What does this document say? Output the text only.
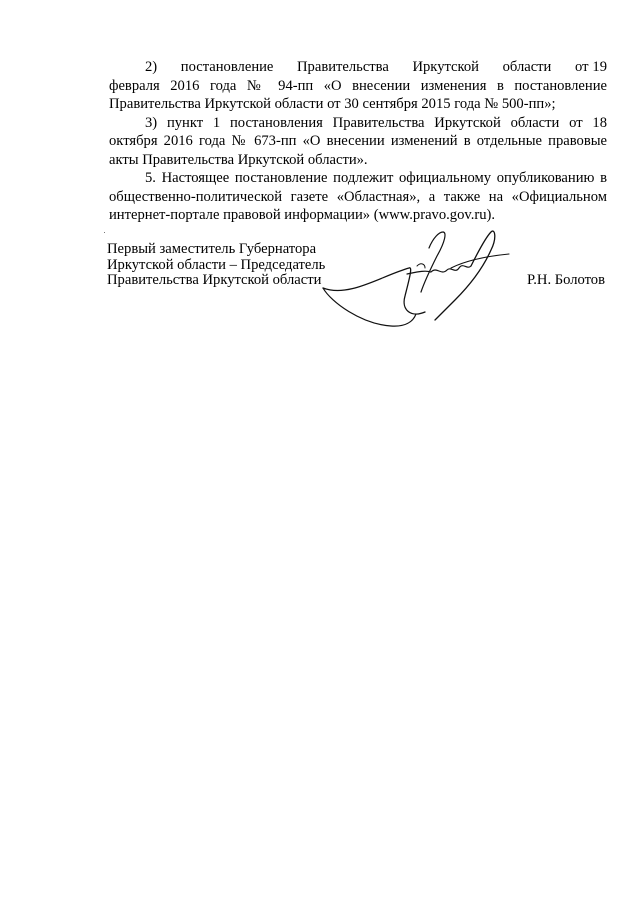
2)      постановление      Правительства      Иркутской      области      от 19 февраля 2016 года № 94-пп «О внесении изменения в постановление Правительства Иркутской области от 30 сентября 2015 года № 500-пп»;

3) пункт 1 постановления Правительства Иркутской области от 18 октября 2016 года № 673-пп «О внесении изменений в отдельные правовые акты Правительства Иркутской области».

5. Настоящее постановление подлежит официальному опубликованию в общественно-политической газете «Областная», а также на «Официальном интернет-портале правовой информации» (www.pravo.gov.ru).

Первый заместитель Губернатора
Иркутской области – Председатель
Правительства Иркутской области	Р.Н. Болотов
